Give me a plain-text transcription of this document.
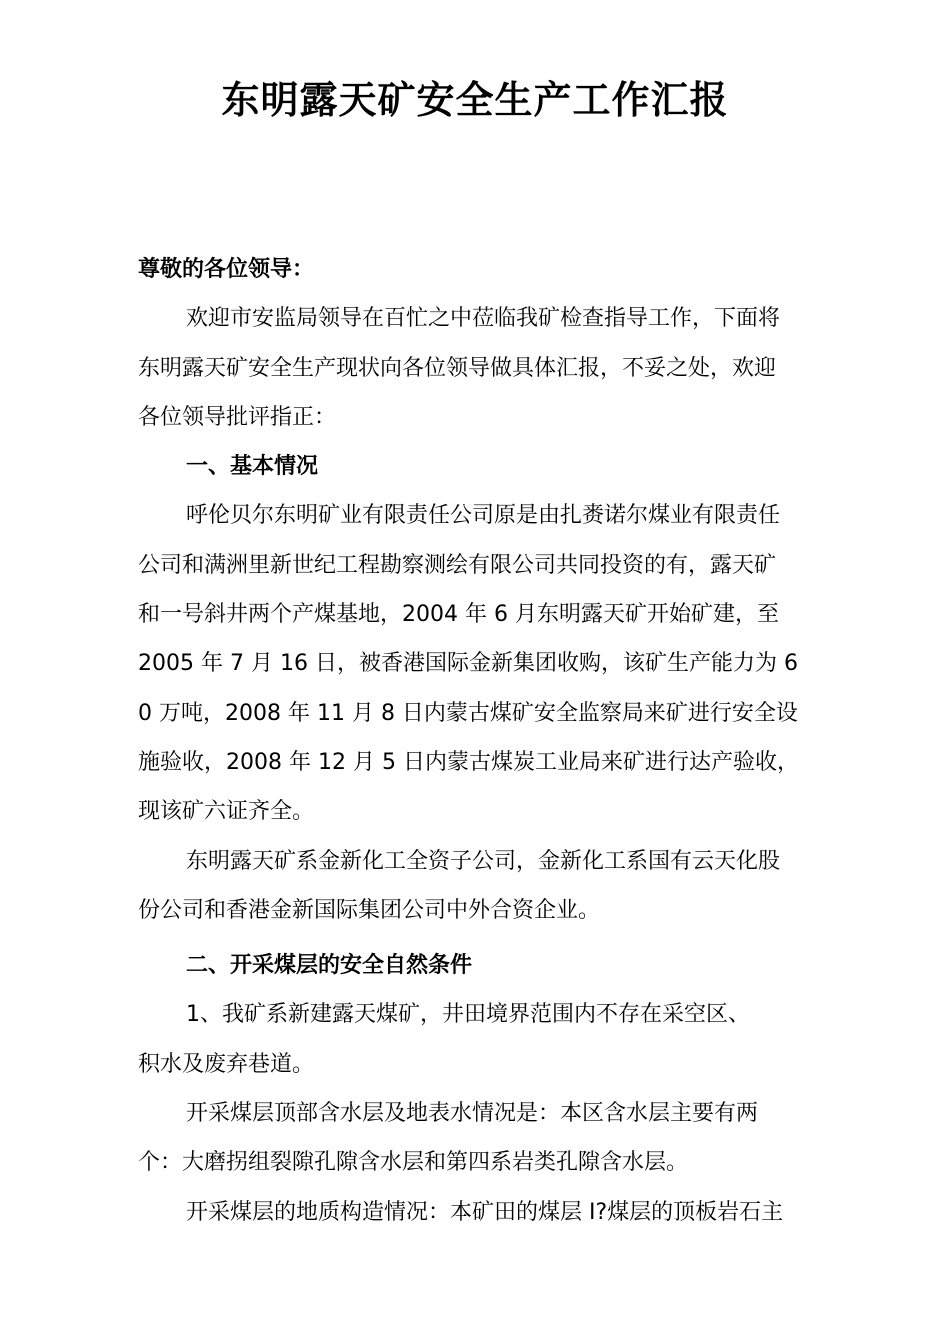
东明露天矿安全生产工作汇报
尊敬的各位领导：
欢迎市安监局领导在百忙之中莅临我矿检查指导工作，下面将
东明露天矿安全生产现状向各位领导做具体汇报，不妥之处，欢迎
各位领导批评指正：
一、基本情况
呼伦贝尔东明矿业有限责任公司原是由扎赉诺尔煤业有限责任
公司和满洲里新世纪工程勘察测绘有限公司共同投资的有，露天矿
和一号斜井两个产煤基地，2004 年 6 月东明露天矿开始矿建，至
2005 年 7 月 16 日，被香港国际金新集团收购，该矿生产能力为 6
0 万吨，2008 年 11 月 8 日内蒙古煤矿安全监察局来矿进行安全设
施验收，2008 年 12 月 5 日内蒙古煤炭工业局来矿进行达产验收，
现该矿六证齐全。
东明露天矿系金新化工全资子公司，金新化工系国有云天化股
份公司和香港金新国际集团公司中外合资企业。
二、开采煤层的安全自然条件
1、我矿系新建露天煤矿，井田境界范围内不存在采空区、
积水及废弃巷道。
开采煤层顶部含水层及地表水情况是：本区含水层主要有两
个：大磨拐组裂隙孔隙含水层和第四系岩类孔隙含水层。
开采煤层的地质构造情况：本矿田的煤层 I?煤层的顶板岩石主
